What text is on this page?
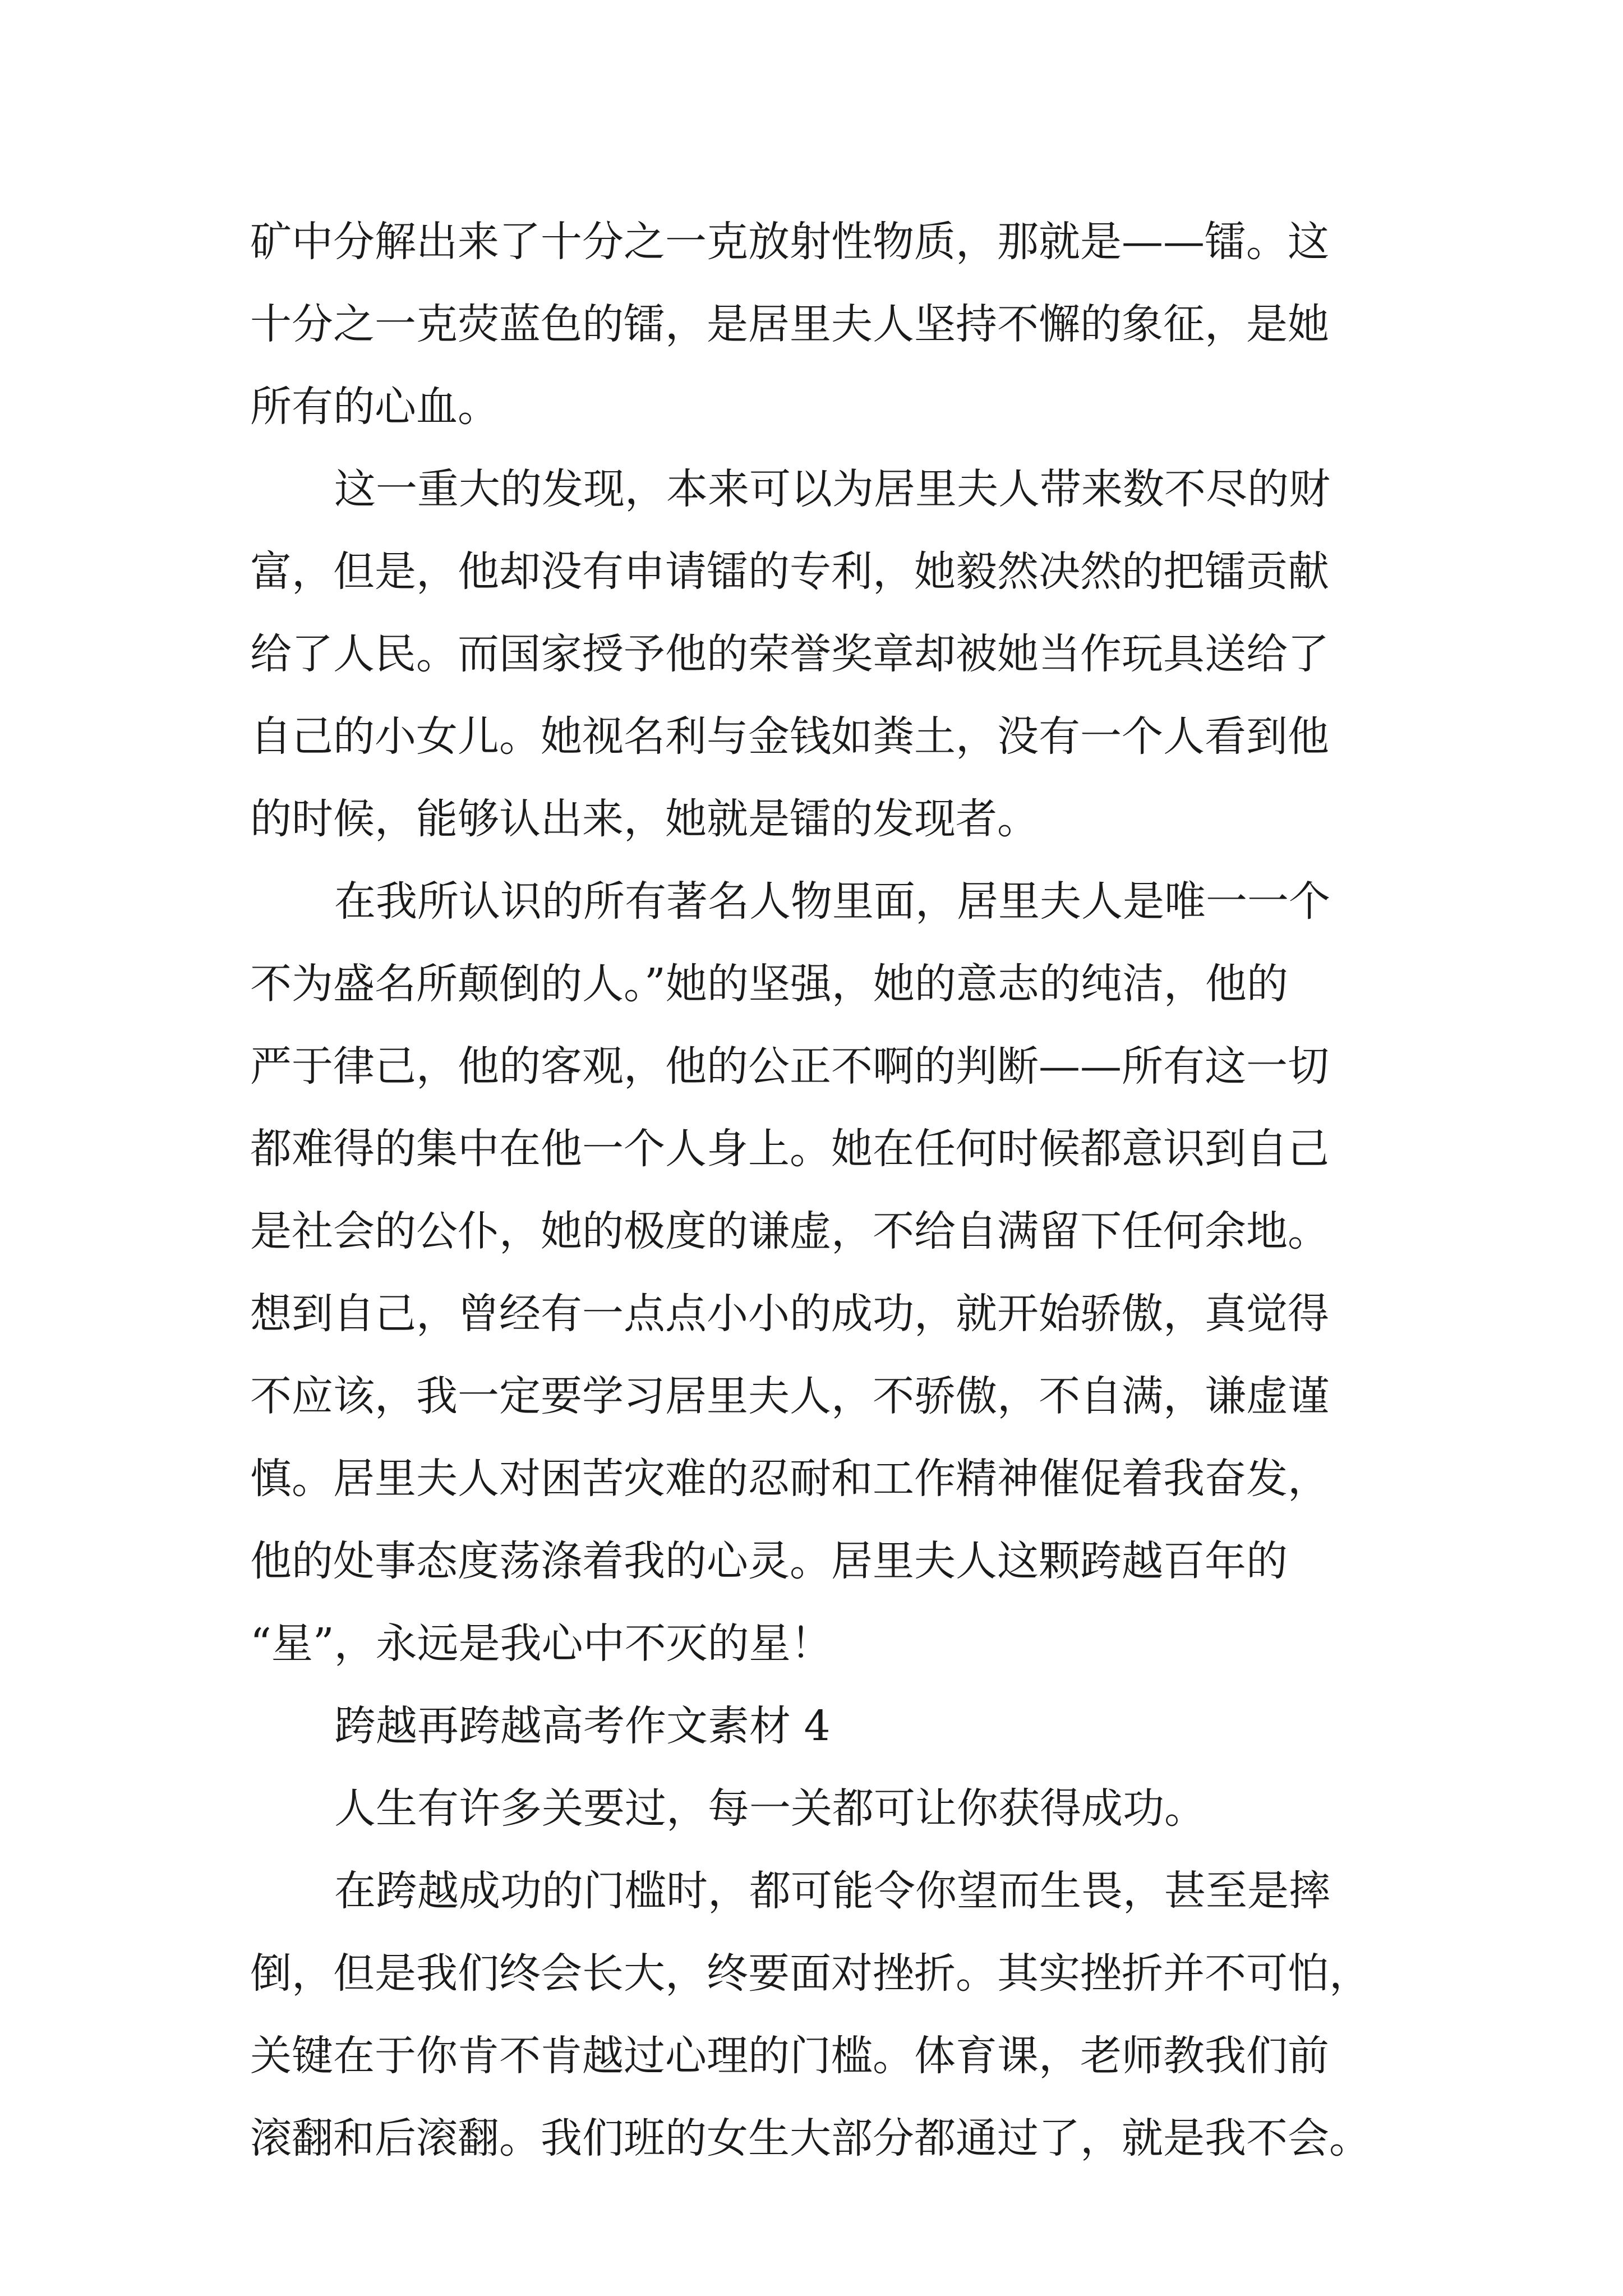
矿中分解出来了十分之一克放射性物质，那就是——镭。这
十分之一克荧蓝色的镭，是居里夫人坚持不懈的象征，是她
所有的心血。
这一重大的发现，本来可以为居里夫人带来数不尽的财
富，但是，他却没有申请镭的专利，她毅然决然的把镭贡献
给了人民。而国家授予他的荣誉奖章却被她当作玩具送给了
自己的小女儿。她视名利与金钱如粪土，没有一个人看到他
的时候，能够认出来，她就是镭的发现者。
在我所认识的所有著名人物里面，居里夫人是唯一一个
不为盛名所颠倒的人。”她的坚强，她的意志的纯洁，他的
严于律己，他的客观，他的公正不啊的判断——所有这一切
都难得的集中在他一个人身上。她在任何时候都意识到自己
是社会的公仆，她的极度的谦虚，不给自满留下任何余地。
想到自己，曾经有一点点小小的成功，就开始骄傲，真觉得
不应该，我一定要学习居里夫人，不骄傲，不自满，谦虚谨
慎。居里夫人对困苦灾难的忍耐和工作精神催促着我奋发，
他的处事态度荡涤着我的心灵。居里夫人这颗跨越百年的
“星”，永远是我心中不灭的星！
跨越再跨越高考作文素材 4
人生有许多关要过，每一关都可让你获得成功。
在跨越成功的门槛时，都可能令你望而生畏，甚至是摔
倒，但是我们终会长大，终要面对挫折。其实挫折并不可怕，
关键在于你肯不肯越过心理的门槛。体育课，老师教我们前
滚翻和后滚翻。我们班的女生大部分都通过了，就是我不会。
